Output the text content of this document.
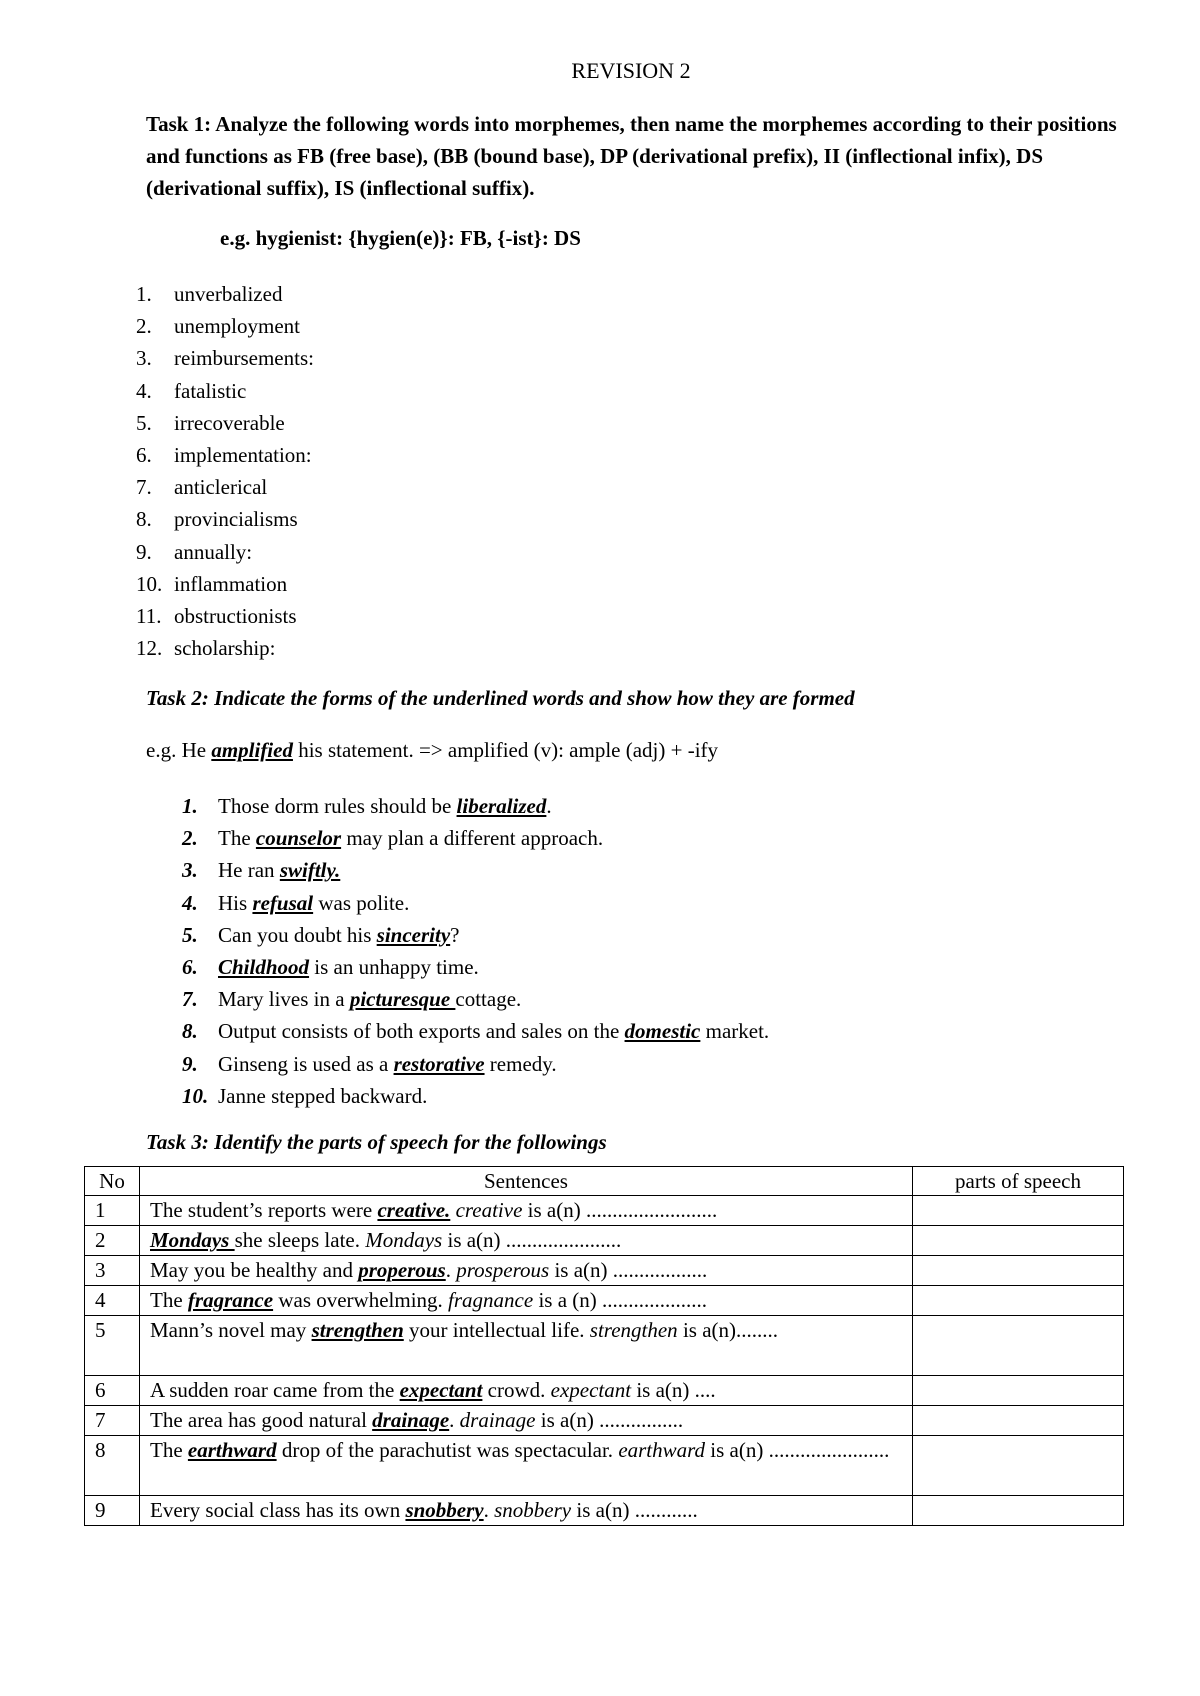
REVISION 2
Task 1: Analyze the following words into morphemes, then name the morphemes according to their positions and functions as FB (free base), (BB (bound base), DP (derivational prefix), II (inflectional infix), DS (derivational suffix), IS (inflectional suffix).
e.g. hygienist: {hygien(e)}: FB, {-ist}: DS
1. unverbalized
2. unemployment
3. reimbursements:
4. fatalistic
5. irrecoverable
6. implementation:
7. anticlerical
8. provincialisms
9. annually:
10. inflammation
11. obstructionists
12. scholarship:
Task 2: Indicate the forms of the underlined words and show how they are formed
e.g. He amplified his statement. => amplified (v): ample (adj) + -ify
1. Those dorm rules should be liberalized.
2. The counselor may plan a different approach.
3. He ran swiftly.
4. His refusal was polite.
5. Can you doubt his sincerity?
6. Childhood is an unhappy time.
7. Mary lives in a picturesque cottage.
8. Output consists of both exports and sales on the domestic market.
9. Ginseng is used as a restorative remedy.
10. Janne stepped backward.
Task 3: Identify the parts of speech for the followings
No	Sentences	parts of speech
1	The student’s reports were creative. creative is a(n) .........................	
2	Mondays she sleeps late. Mondays is a(n) ......................	
3	May you be healthy and properous. prosperous is a(n) ..................	
4	The fragrance was overwhelming. fragnance is a (n) ....................	
5	Mann’s novel may strengthen your intellectual life. strengthen is a(n)........	
6	A sudden roar came from the expectant crowd. expectant is a(n) ....	
7	The area has good natural drainage. drainage is a(n) ................	
8	The earthward drop of the parachutist was spectacular. earthward is a(n) .......................	
9	Every social class has its own snobbery. snobbery is a(n) ............	
